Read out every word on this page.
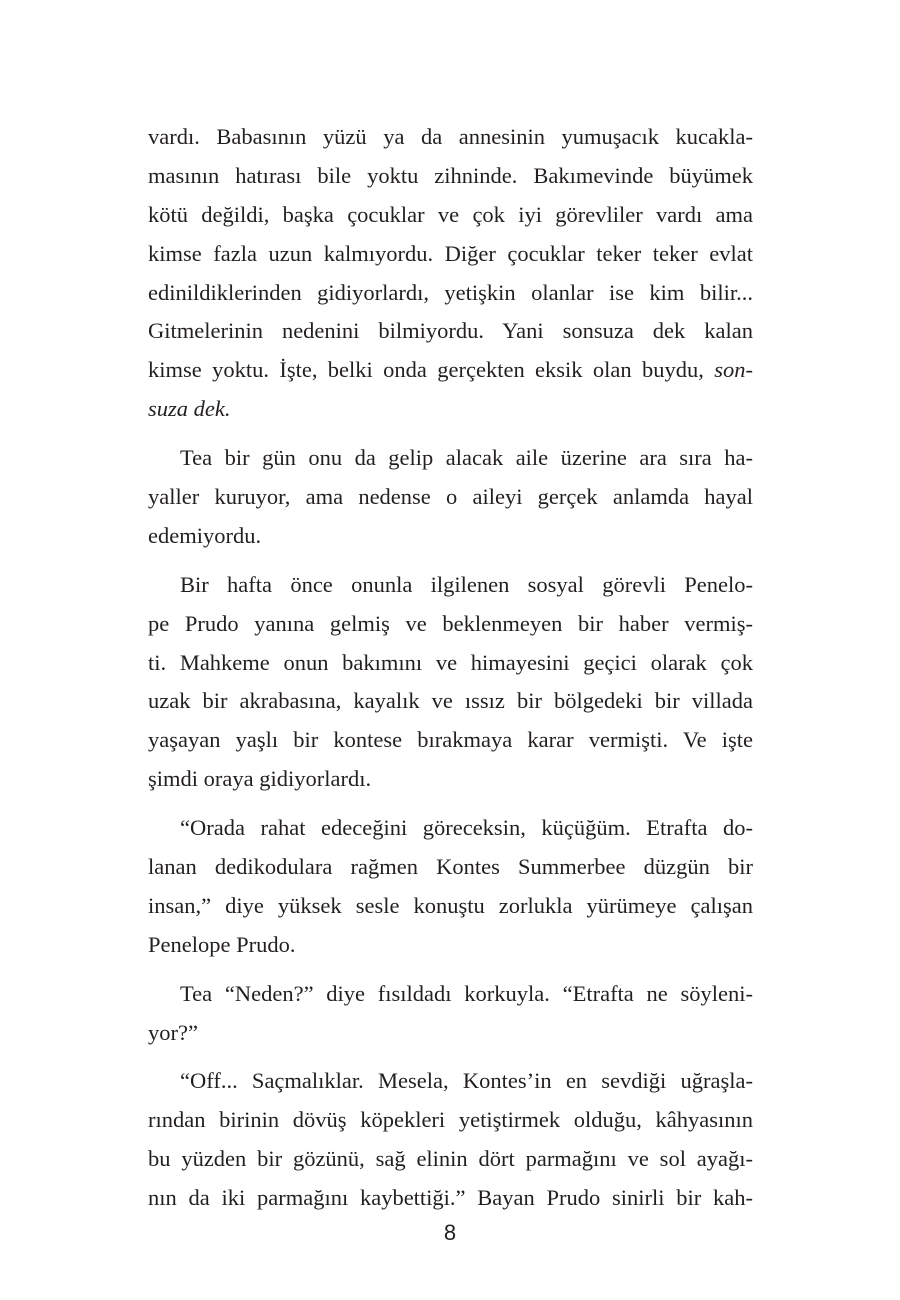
vardı. Babasının yüzü ya da annesinin yumuşacık kucakla-
masının hatırası bile yoktu zihninde. Bakımevinde büyümek
kötü değildi, başka çocuklar ve çok iyi görevliler vardı ama
kimse fazla uzun kalmıyordu. Diğer çocuklar teker teker evlat
edinildiklerinden gidiyorlardı, yetişkin olanlar ise kim bilir...
Gitmelerinin nedenini bilmiyordu. Yani sonsuza dek kalan
kimse yoktu. İşte, belki onda gerçekten eksik olan buydu, son-
suza dek.
Tea bir gün onu da gelip alacak aile üzerine ara sıra ha-
yaller kuruyor, ama nedense o aileyi gerçek anlamda hayal
edemiyordu.
Bir hafta önce onunla ilgilenen sosyal görevli Penelo-
pe Prudo yanına gelmiş ve beklenmeyen bir haber vermiş-
ti. Mahkeme onun bakımını ve himayesini geçici olarak çok
uzak bir akrabasına, kayalık ve ıssız bir bölgedeki bir villada
yaşayan yaşlı bir kontese bırakmaya karar vermişti. Ve işte
şimdi oraya gidiyorlardı.
“Orada rahat edeceğini göreceksin, küçüğüm. Etrafta do-
lanan dedikodulara rağmen Kontes Summerbee düzgün bir
insan,” diye yüksek sesle konuştu zorlukla yürümeye çalışan
Penelope Prudo.
Tea “Neden?” diye fısıldadı korkuyla. “Etrafta ne söyleni-
yor?”
“Off... Saçmalıklar. Mesela, Kontes’in en sevdiği uğraşla-
rından birinin dövüş köpekleri yetiştirmek olduğu, kâhyasının
bu yüzden bir gözünü, sağ elinin dört parmağını ve sol ayağı-
nın da iki parmağını kaybettiği.” Bayan Prudo sinirli bir kah-
8
